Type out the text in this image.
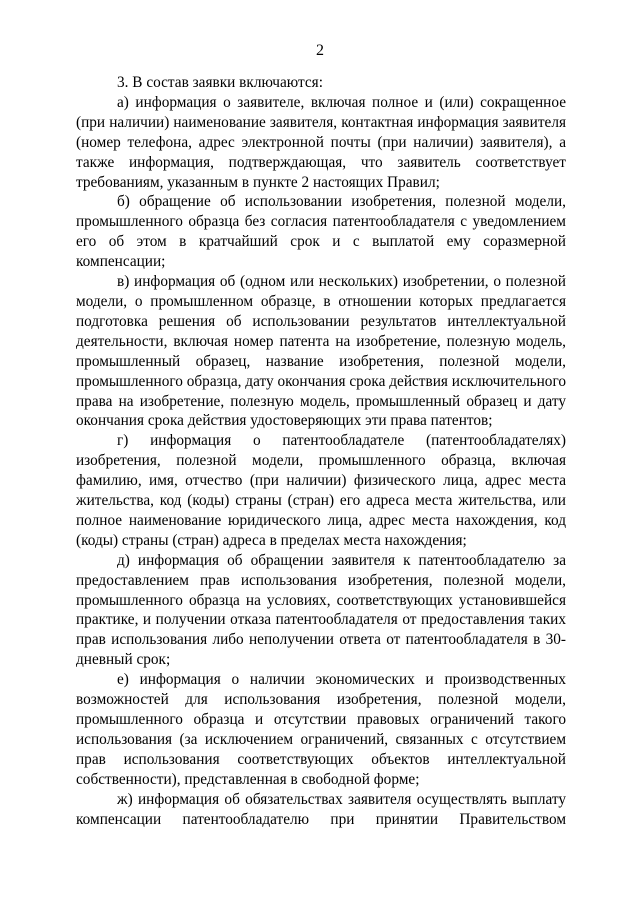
2

3. В состав заявки включаются:

а) информация о заявителе, включая полное и (или) сокращенное (при наличии) наименование заявителя, контактная информация заявителя (номер телефона, адрес электронной почты (при наличии) заявителя), а также информация, подтверждающая, что заявитель соответствует требованиям, указанным в пункте 2 настоящих Правил;

б) обращение об использовании изобретения, полезной модели, промышленного образца без согласия патентообладателя с уведомлением его об этом в кратчайший срок и с выплатой ему соразмерной компенсации;

в) информация об (одном или нескольких) изобретении, о полезной модели, о промышленном образце, в отношении которых предлагается подготовка решения об использовании результатов интеллектуальной деятельности, включая номер патента на изобретение, полезную модель, промышленный образец, название изобретения, полезной модели, промышленного образца, дату окончания срока действия исключительного права на изобретение, полезную модель, промышленный образец и дату окончания срока действия удостоверяющих эти права патентов;

г) информация о патентообладателе (патентообладателях) изобретения, полезной модели, промышленного образца, включая фамилию, имя, отчество (при наличии) физического лица, адрес места жительства, код (коды) страны (стран) его адреса места жительства, или полное наименование юридического лица, адрес места нахождения, код (коды) страны (стран) адреса в пределах места нахождения;

д) информация об обращении заявителя к патентообладателю за предоставлением прав использования изобретения, полезной модели, промышленного образца на условиях, соответствующих установившейся практике, и получении отказа патентообладателя от предоставления таких прав использования либо неполучении ответа от патентообладателя в 30-дневный срок;

е) информация о наличии экономических и производственных возможностей для использования изобретения, полезной модели, промышленного образца и отсутствии правовых ограничений такого использования (за исключением ограничений, связанных с отсутствием прав использования соответствующих объектов интеллектуальной собственности), представленная в свободной форме;

ж) информация об обязательствах заявителя осуществлять выплату компенсации патентообладателю при принятии Правительством
